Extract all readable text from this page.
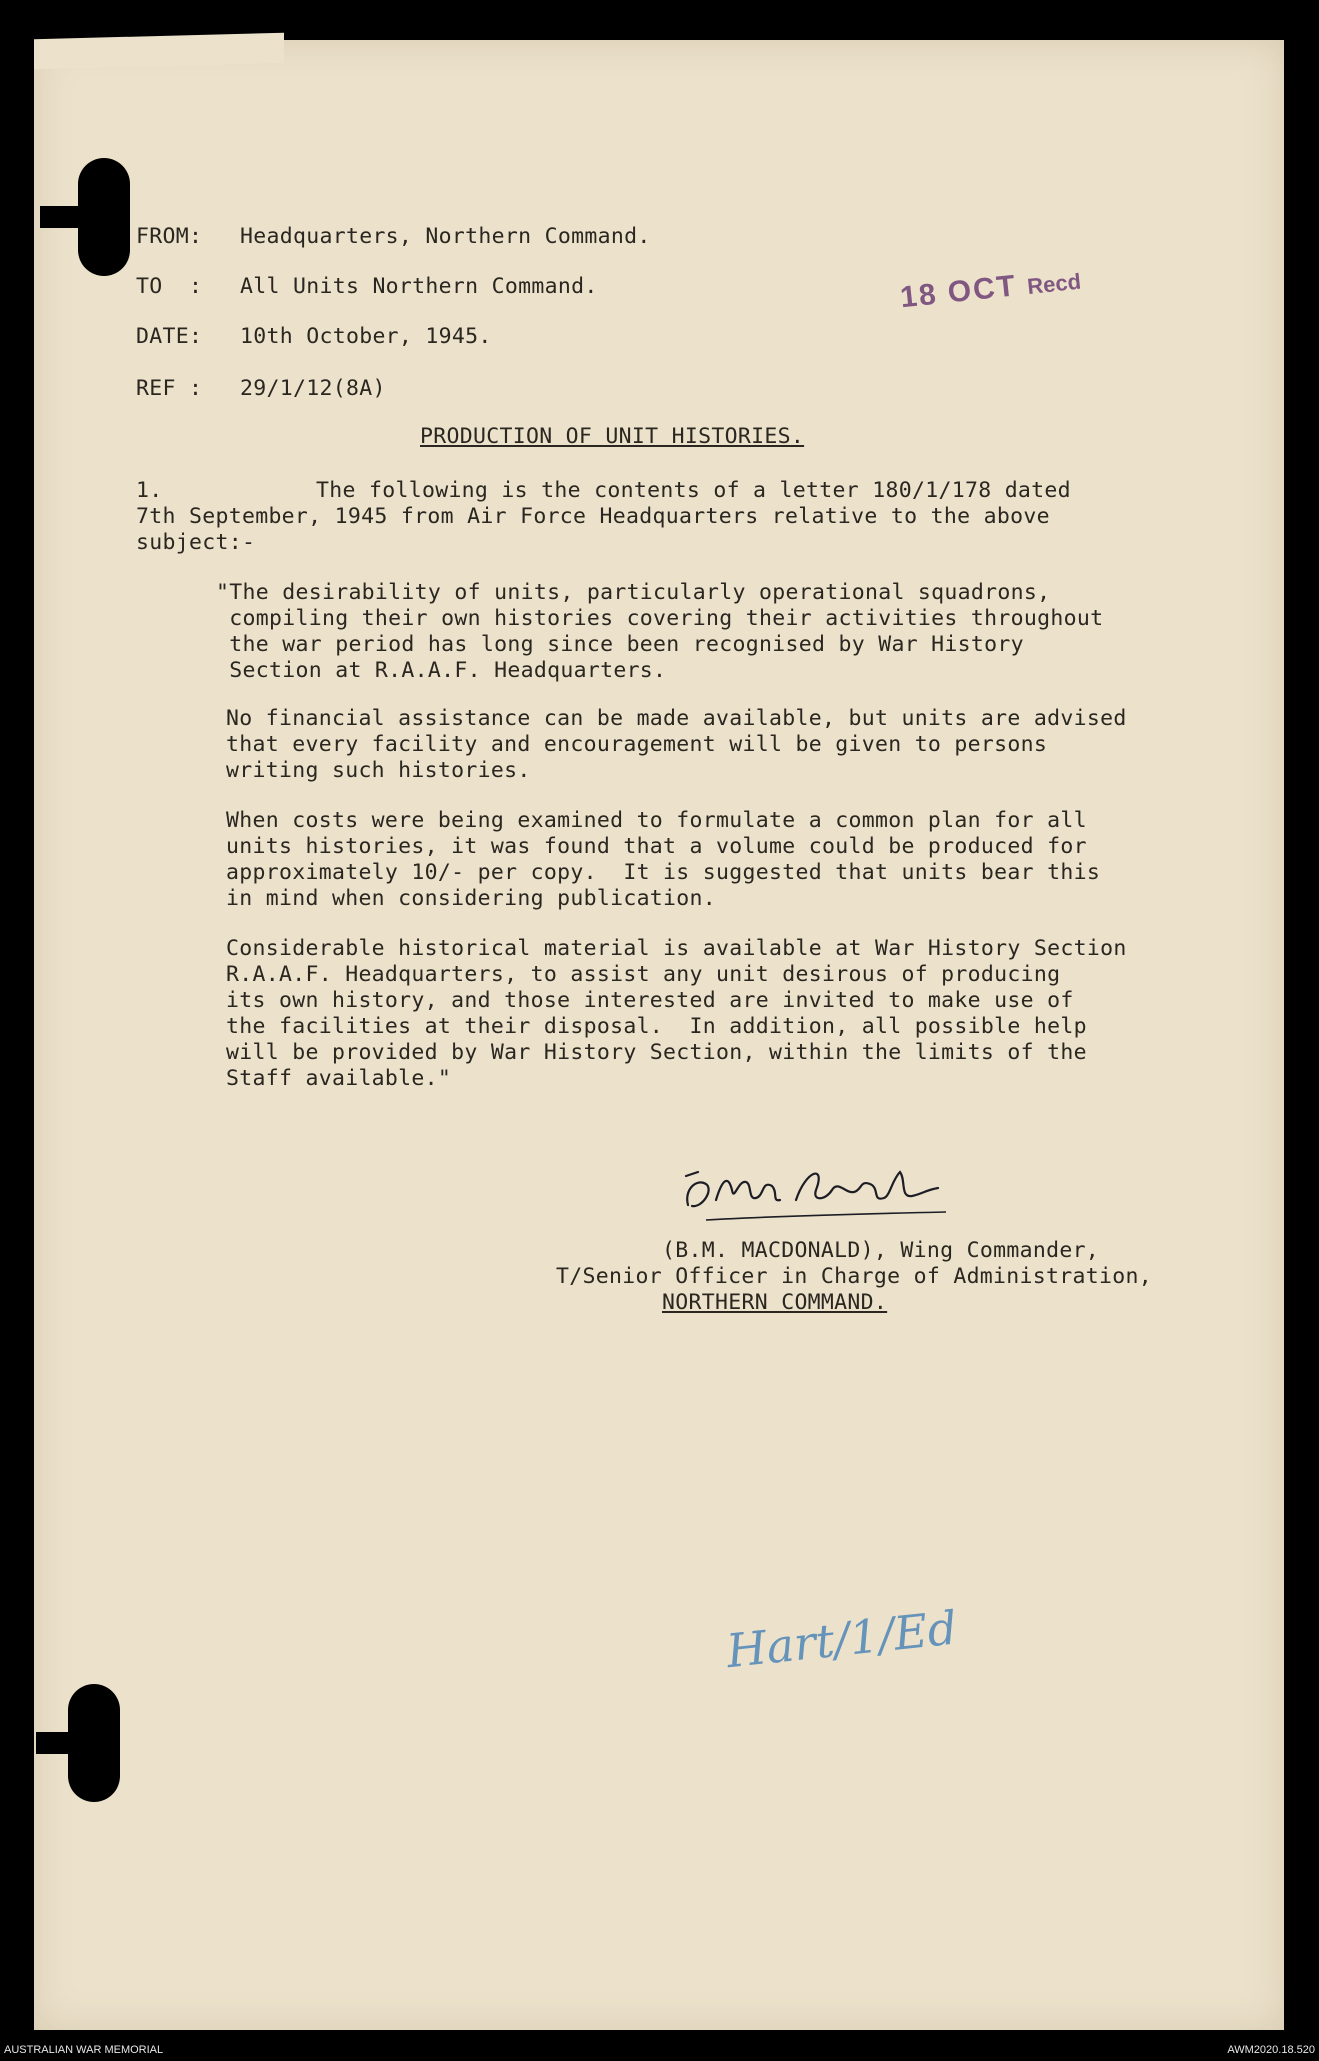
FROM: Headquarters, Northern Command.
TO  : All Units Northern Command.
DATE: 10th October, 1945.
REF : 29/1/12(8A)
18 OCT Recd
PRODUCTION OF UNIT HISTORIES.
1.	The following is the contents of a letter 180/1/178 dated
7th September, 1945 from Air Force Headquarters relative to the above
subject:-
"The desirability of units, particularly operational squadrons,
compiling their own histories covering their activities throughout
the war period has long since been recognised by War History
Section at R.A.A.F. Headquarters.
No financial assistance can be made available, but units are advised
that every facility and encouragement will be given to persons
writing such histories.
When costs were being examined to formulate a common plan for all
units histories, it was found that a volume could be produced for
approximately 10/- per copy.  It is suggested that units bear this
in mind when considering publication.
Considerable historical material is available at War History Section
R.A.A.F. Headquarters, to assist any unit desirous of producing
its own history, and those interested are invited to make use of
the facilities at their disposal.  In addition, all possible help
will be provided by War History Section, within the limits of the
Staff available."
(B.M. MACDONALD), Wing Commander,
T/Senior Officer in Charge of Administration,
NORTHERN COMMAND.
Hart/1/Ed
AUSTRALIAN WAR MEMORIAL	AWM2020.18.520
